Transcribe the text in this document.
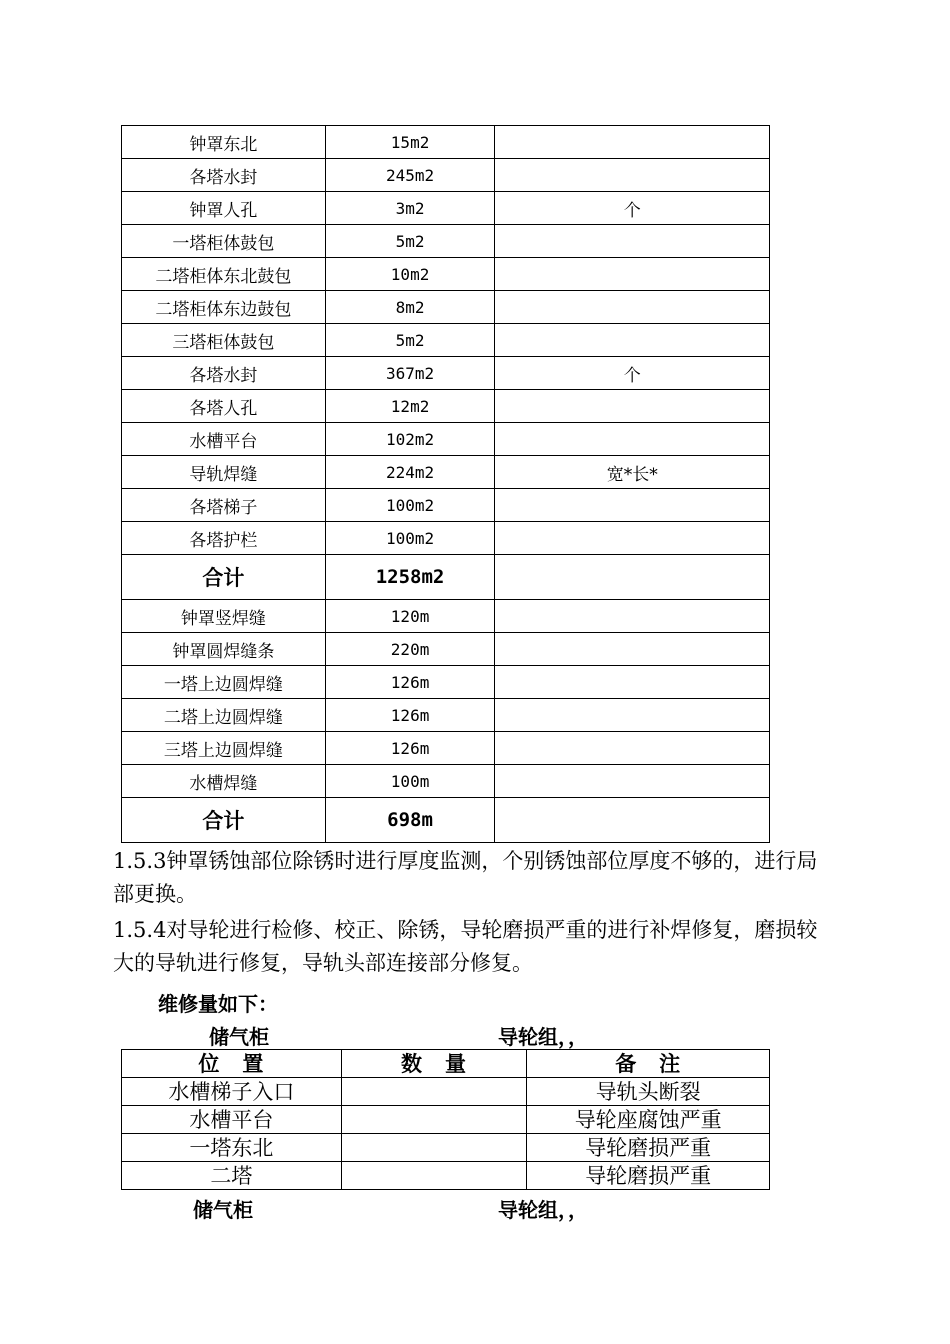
钟罩东北	15m2	
各塔水封	245m2	
钟罩人孔	3m2	个
一塔柜体鼓包	5m2	
二塔柜体东北鼓包	10m2	
二塔柜体东边鼓包	8m2	
三塔柜体鼓包	5m2	
各塔水封	367m2	个
各塔人孔	12m2	
水槽平台	102m2	
导轨焊缝	224m2	宽*长*
各塔梯子	100m2	
各塔护栏	100m2	
合计	1258m2	
钟罩竖焊缝	120m	
钟罩圆焊缝条	220m	
一塔上边圆焊缝	126m	
二塔上边圆焊缝	126m	
三塔上边圆焊缝	126m	
水槽焊缝	100m	
合计	698m	

1.5.3钟罩锈蚀部位除锈时进行厚度监测，个别锈蚀部位厚度不够的，进行局部更换。

1.5.4对导轮进行检修、校正、除锈，导轮磨损严重的进行补焊修复，磨损较大的导轨进行修复，导轨头部连接部分修复。

维修量如下：
储气柜	导轮组，，
位　置	数　量	备　注
水槽梯子入口		导轨头断裂
水槽平台		导轮座腐蚀严重
一塔东北		导轮磨损严重
二塔		导轮磨损严重
储气柜	导轮组，，
